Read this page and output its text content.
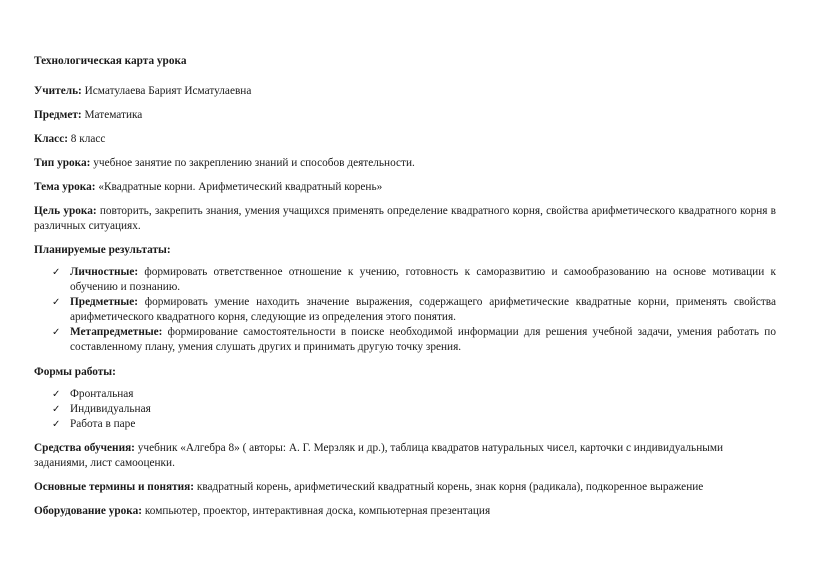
Технологическая карта урока

Учитель: Исматулаева Барият Исматулаевна

Предмет: Математика

Класс: 8 класс

Тип урока: учебное занятие по закреплению знаний и способов деятельности.

Тема урока: «Квадратные корни. Арифметический квадратный корень»

Цель урока: повторить, закрепить знания, умения учащихся применять определение квадратного корня, свойства арифметического квадратного корня в различных ситуациях.

Планируемые результаты:

✓ Личностные: формировать ответственное отношение к учению, готовность к саморазвитию и самообразованию на основе мотивации к обучению и познанию.
✓ Предметные: формировать умение находить значение выражения, содержащего арифметические квадратные корни, применять свойства арифметического квадратного корня, следующие из определения этого понятия.
✓ Метапредметные: формирование самостоятельности в поиске необходимой информации для решения учебной задачи, умения работать по составленному плану, умения слушать других и принимать другую точку зрения.

Формы работы:

✓ Фронтальная
✓ Индивидуальная
✓ Работа в паре

Средства обучения: учебник «Алгебра 8» ( авторы: А. Г. Мерзляк и др.), таблица квадратов натуральных чисел, карточки с индивидуальными заданиями, лист самооценки.

Основные термины и понятия: квадратный корень, арифметический квадратный корень, знак корня (радикала), подкоренное выражение

Оборудование урока: компьютер, проектор, интерактивная доска, компьютерная презентация
